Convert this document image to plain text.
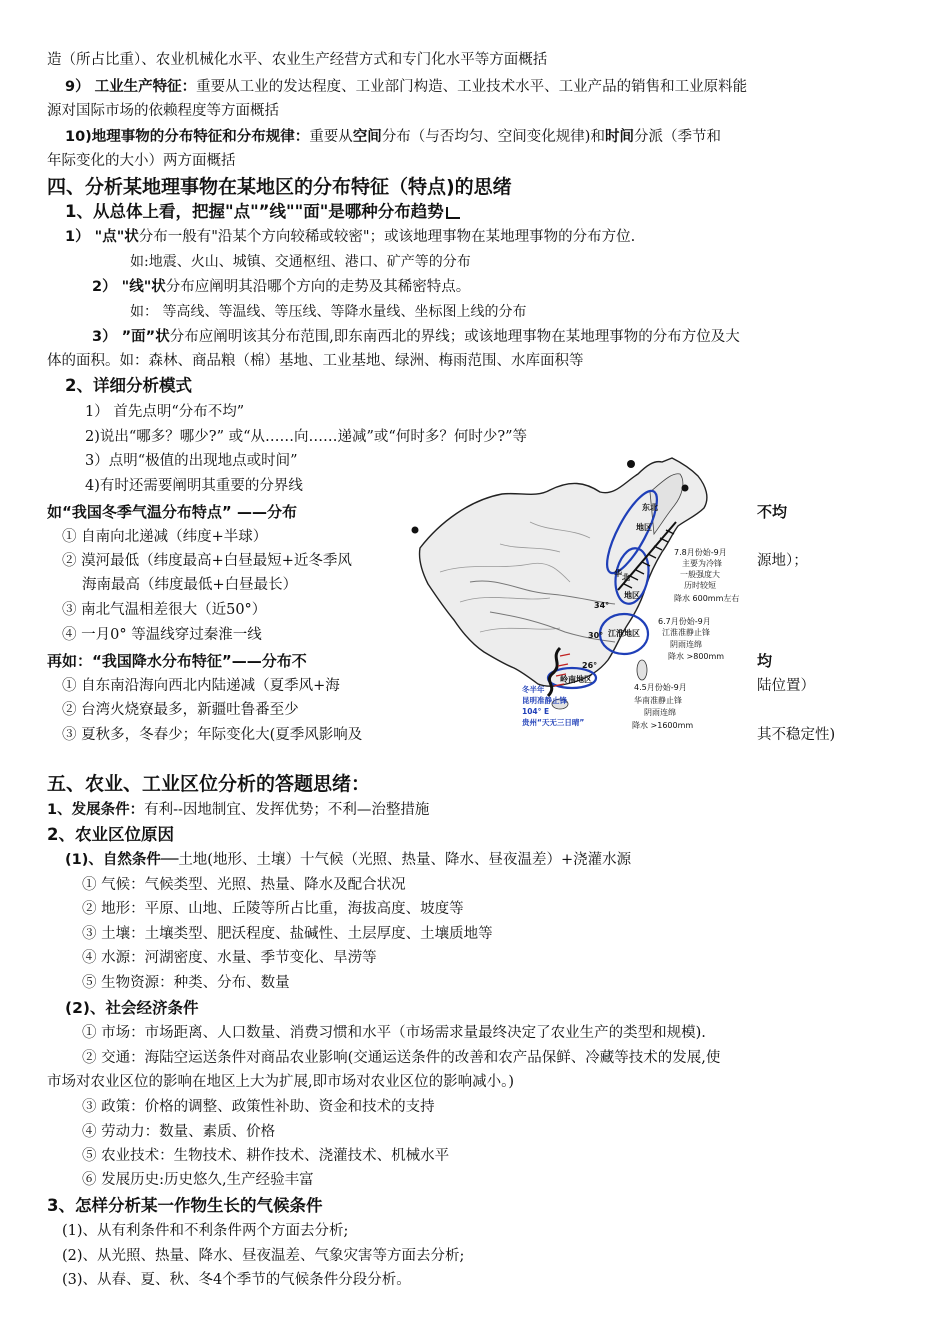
造（所占比重）、农业机械化水平、农业生产经营方式和专门化水平等方面概括
9） 工业生产特征：重要从工业的发达程度、工业部门构造、工业技术水平、工业产品的销售和工业原料能
源对国际市场的依赖程度等方面概括
10)地理事物的分布特征和分布规律：重要从空间分布（与否均匀、空间变化规律)和时间分派（季节和
年际变化的大小）两方面概括
四、分析某地理事物在某地区的分布特征（特点)的思绪
1、从总体上看，把握"点"”线""面"是哪种分布趋势
1） "点"状分布一般有"沿某个方向较稀或较密"；或该地理事物在某地理事物的分布方位.
如:地震、火山、城镇、交通枢纽、港口、矿产等的分布
2） "线"状分布应阐明其沿哪个方向的走势及其稀密特点。
如： 等高线、等温线、等压线、等降水量线、坐标图上线的分布
3） ”面”状分布应阐明该其分布范围,即东南西北的界线；或该地理事物在某地理事物的分布方位及大
体的面积。如：森林、商品粮（棉）基地、工业基地、绿洲、梅雨范围、水库面积等
2、详细分析模式
1） 首先点明“分布不均”
2)说出“哪多？哪少?” 或“从……向……递减”或“何时多？何时少?”等
3）点明“极值的出现地点或时间”
4)有时还需要阐明其重要的分界线
如“我国冬季气温分布特点” ——分布	不均
① 自南向北递减（纬度+半球）
② 漠河最低（纬度最高+白昼最短+近冬季风	源地）；
海南最高（纬度最低+白昼最长）
③ 南北气温相差很大（近50°）
④ 一月0° 等温线穿过秦淮一线
再如：“我国降水分布特征”——分布不	均
① 自东南沿海向西北内陆递减（夏季风+海	陆位置）
② 台湾火烧寮最多，新疆吐鲁番至少
③ 夏秋多，冬春少；年际变化大(夏季风影响及	其不稳定性)
东北
地区
华 北
地区
7.8月份始-9月
主要为冷锋
一般强度大
历时较短
降水 600mm左右
34°
30° 江淮地区
6.7月份始-9月
江淮准静止锋
阴雨连绵
降水 >800mm
26°
岭南地区
4.5月份始-9月
华南准静止锋
阴雨连绵
降水 >1600mm
冬半年
昆明准静止锋
104° E
贵州“天无三日晴”
五、农业、工业区位分析的答题思绪：
1、发展条件：有利--因地制宜、发挥优势；不利—治整措施
2、农业区位原因
(1)、自然条件──土地(地形、土壤）十气候（光照、热量、降水、昼夜温差）+浇灌水源
① 气候：气候类型、光照、热量、降水及配合状况
② 地形：平原、山地、丘陵等所占比重，海拔高度、坡度等
③ 土壤：土壤类型、肥沃程度、盐碱性、土层厚度、土壤质地等
④ 水源：河湖密度、水量、季节变化、旱涝等
⑤ 生物资源：种类、分布、数量
(2)、社会经济条件
① 市场：市场距离、人口数量、消费习惯和水平（市场需求量最终决定了农业生产的类型和规模).
② 交通：海陆空运送条件对商品农业影响(交通运送条件的改善和农产品保鲜、冷藏等技术的发展,使
市场对农业区位的影响在地区上大为扩展,即市场对农业区位的影响减小。)
③ 政策：价格的调整、政策性补助、资金和技术的支持
④ 劳动力：数量、素质、价格
⑤ 农业技术：生物技术、耕作技术、浇灌技术、机械水平
⑥ 发展历史:历史悠久,生产经验丰富
3、怎样分析某一作物生长的气候条件
(1)、从有利条件和不利条件两个方面去分析;
(2)、从光照、热量、降水、昼夜温差、气象灾害等方面去分析;
(3)、从春、夏、秋、冬4个季节的气候条件分段分析。
